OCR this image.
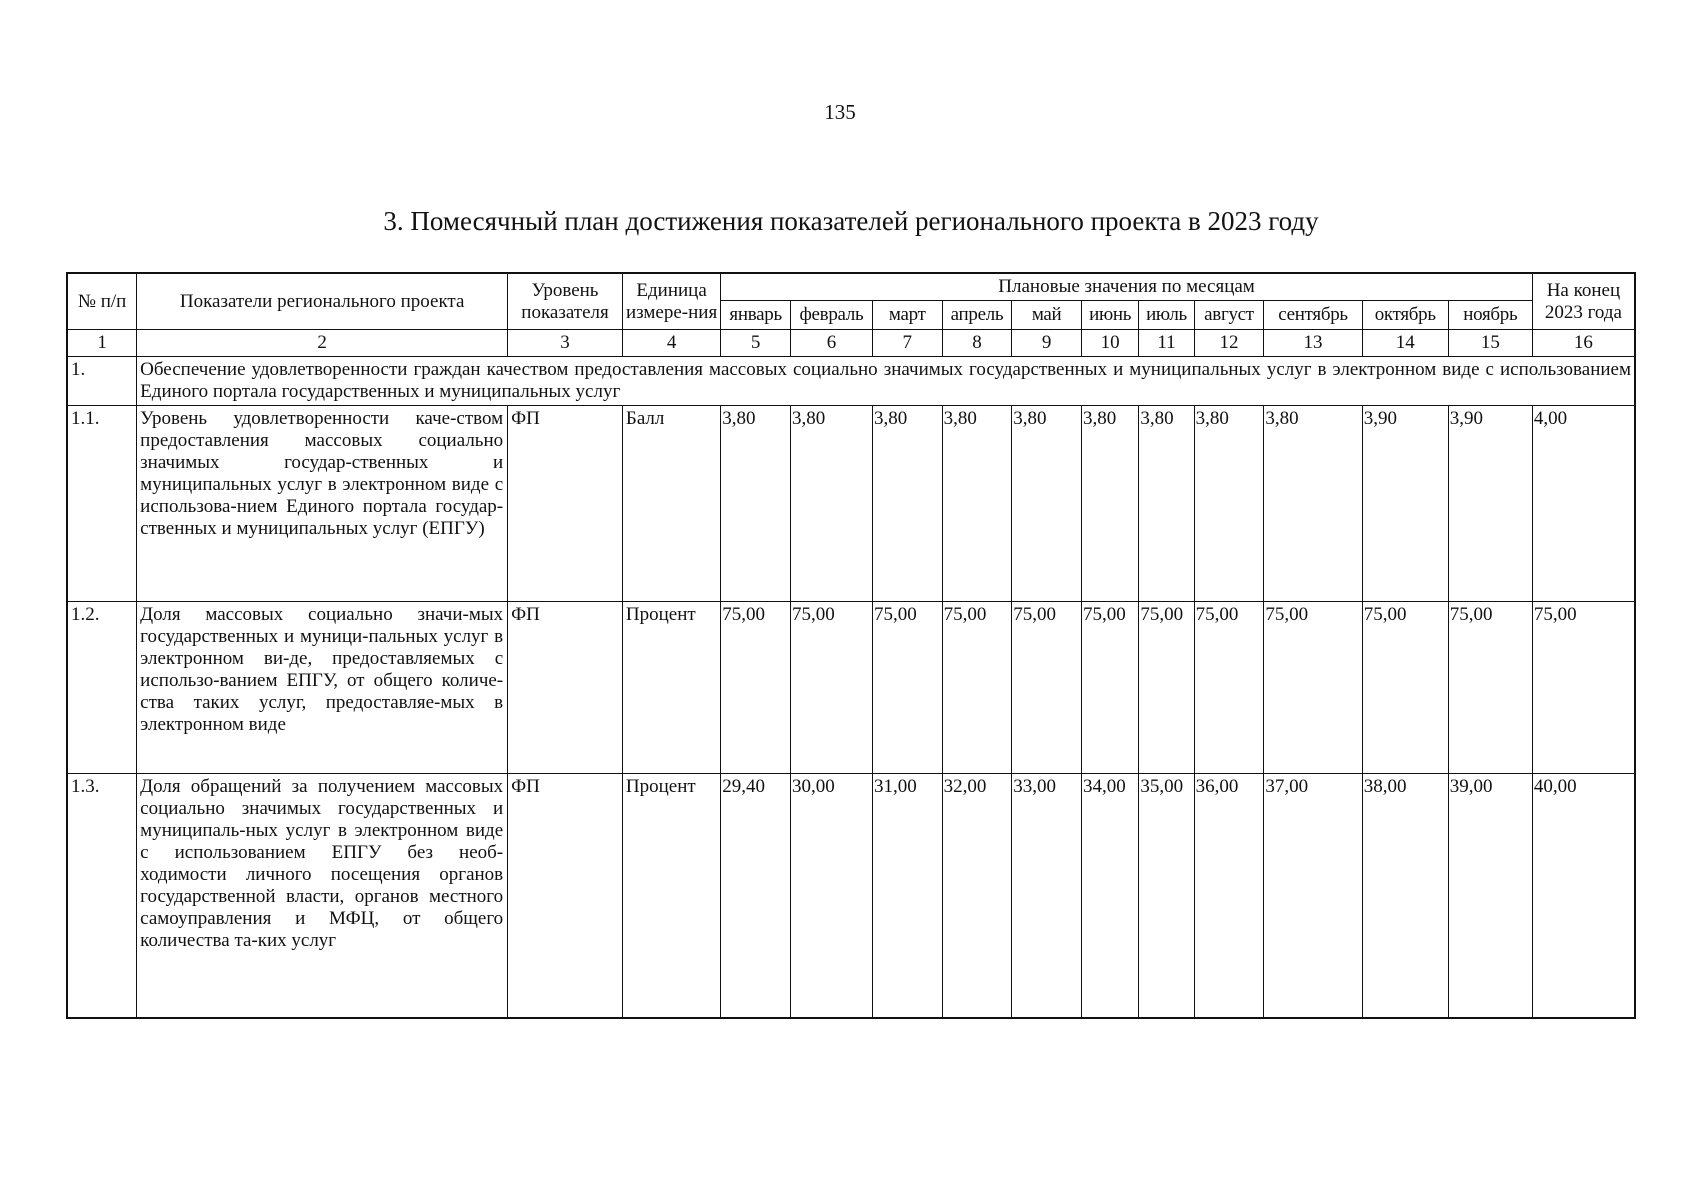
135
3. Помесячный план достижения показателей регионального проекта в 2023 году
№ п/п	Показатели регионального проекта	Уровень показателя	Единица измере-ния	Плановые значения по месяцам											На конец 2023 года
				январь	февраль	март	апрель	май	июнь	июль	август	сентябрь	октябрь	ноябрь	
1	2	3	4	5	6	7	8	9	10	11	12	13	14	15	16
1.	Обеспечение удовлетворенности граждан качеством предоставления массовых социально значимых государственных и муниципальных услуг в электронном виде с использованием Единого портала государственных и муниципальных услуг														
1.1.	Уровень удовлетворенности каче-ством предоставления массовых социально значимых государ-ственных и муниципальных услуг в электронном виде с использова-нием Единого портала государ-ственных и муниципальных услуг (ЕПГУ)	ФП	Балл	3,80	3,80	3,80	3,80	3,80	3,80	3,80	3,80	3,80	3,90	3,90	4,00
1.2.	Доля массовых социально значи-мых государственных и муници-пальных услуг в электронном ви-де, предоставляемых с использо-ванием ЕПГУ, от общего количе-ства таких услуг, предоставляе-мых в электронном виде	ФП	Процент	75,00	75,00	75,00	75,00	75,00	75,00	75,00	75,00	75,00	75,00	75,00	75,00
1.3.	Доля обращений за получением массовых социально значимых государственных и муниципаль-ных услуг в электронном виде с использованием ЕПГУ без необ-ходимости личного посещения органов государственной власти, органов местного самоуправления и МФЦ, от общего количества та-ких услуг	ФП	Процент	29,40	30,00	31,00	32,00	33,00	34,00	35,00	36,00	37,00	38,00	39,00	40,00
